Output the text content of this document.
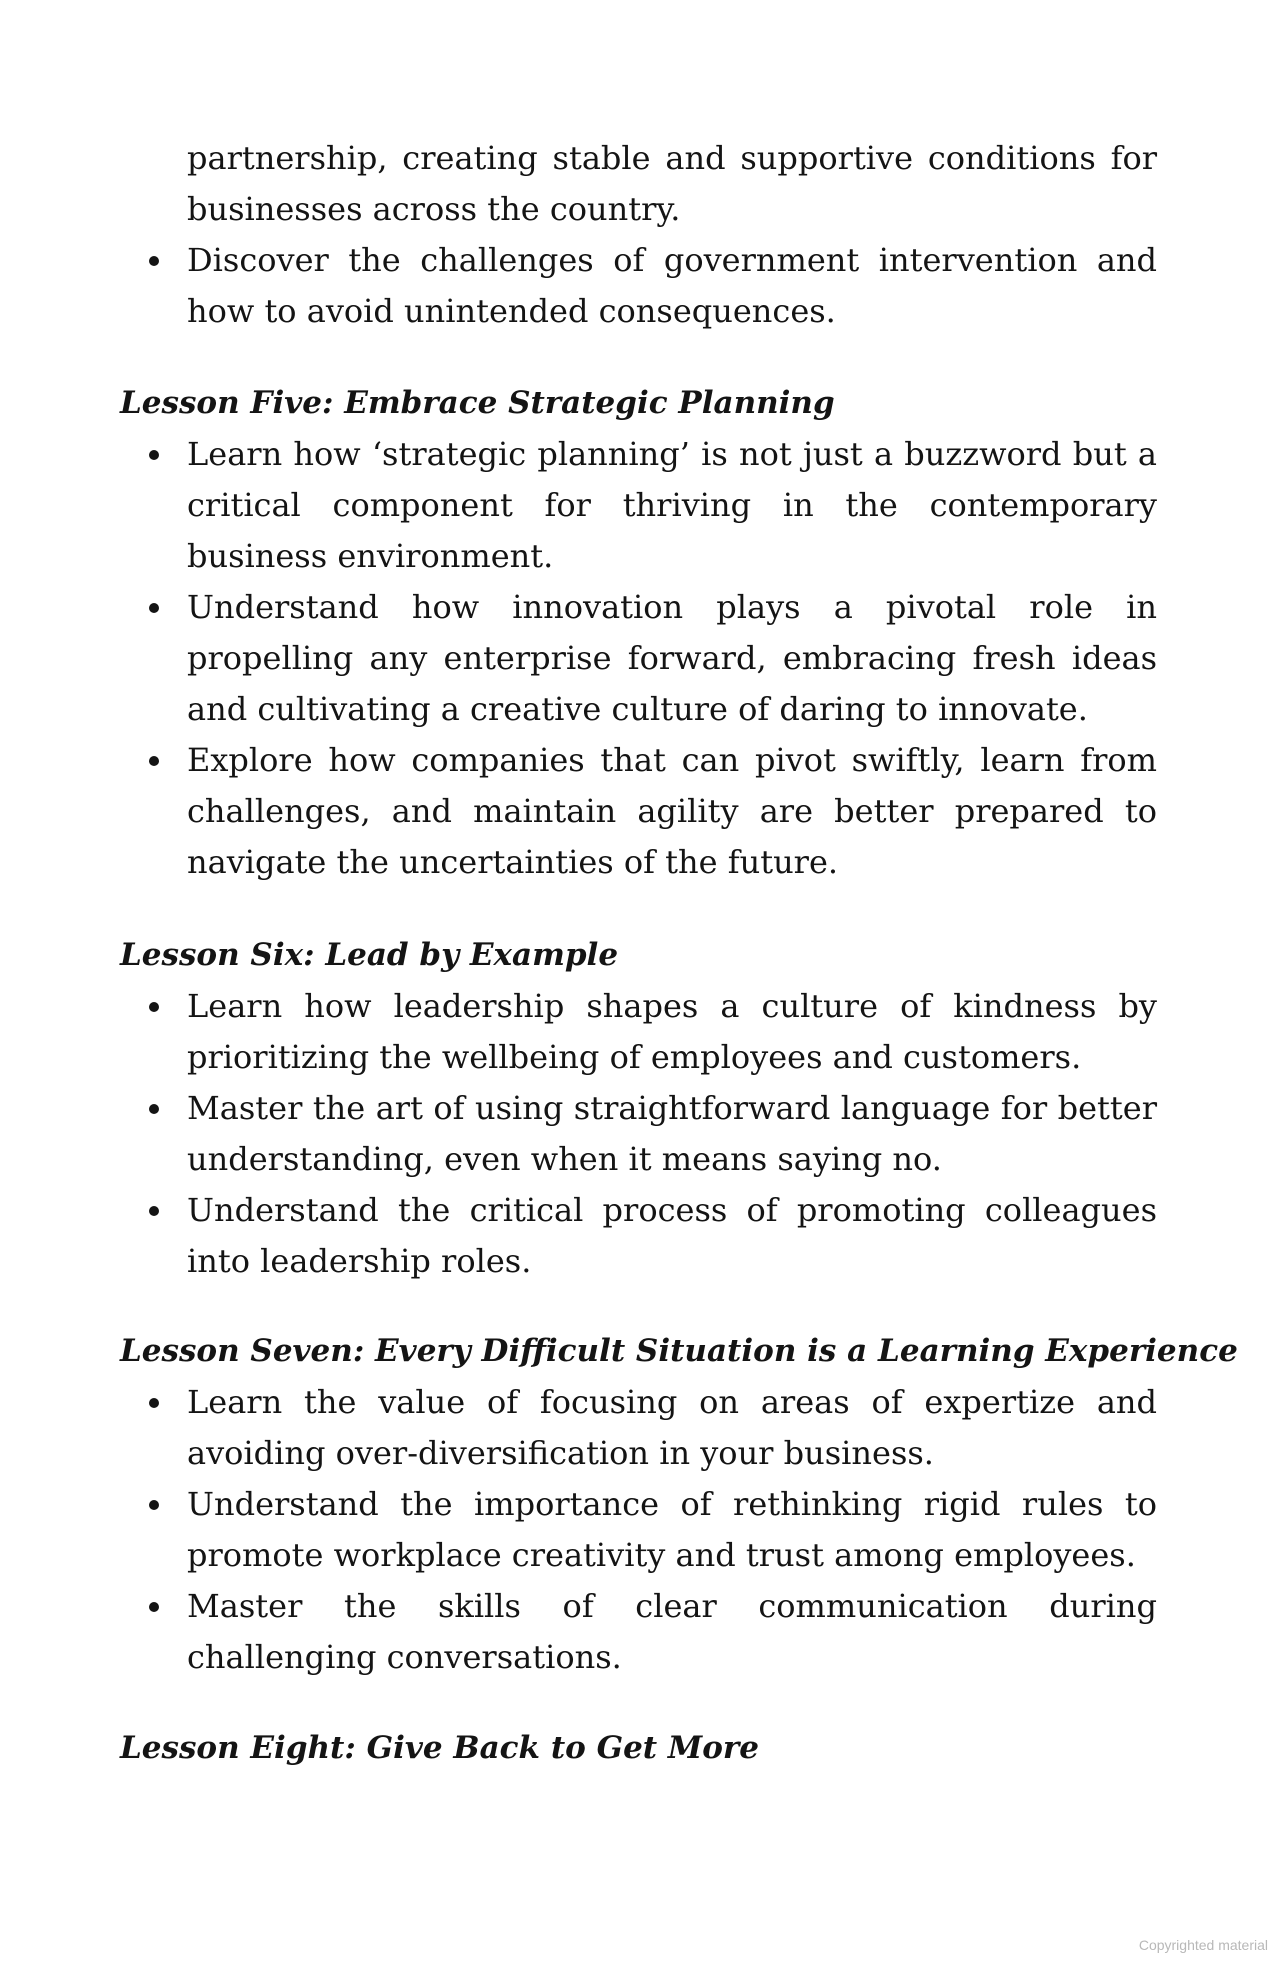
partnership, creating stable and supportive conditions for businesses across the country.
Discover the challenges of government intervention and how to avoid unintended consequences.
Lesson Five: Embrace Strategic Planning
Learn how ‘strategic planning’ is not just a buzzword but a critical component for thriving in the contemporary business environment.
Understand how innovation plays a pivotal role in propelling any enterprise forward, embracing fresh ideas and cultivating a creative culture of daring to innovate.
Explore how companies that can pivot swiftly, learn from challenges, and maintain agility are better prepared to navigate the uncertainties of the future.
Lesson Six: Lead by Example
Learn how leadership shapes a culture of kindness by prioritizing the wellbeing of employees and customers.
Master the art of using straightforward language for better understanding, even when it means saying no.
Understand the critical process of promoting colleagues into leadership roles.
Lesson Seven: Every Difficult Situation is a Learning Experience
Learn the value of focusing on areas of expertize and avoiding over-diversification in your business.
Understand the importance of rethinking rigid rules to promote workplace creativity and trust among employees.
Master the skills of clear communication during challenging conversations.
Lesson Eight: Give Back to Get More
Copyrighted material
